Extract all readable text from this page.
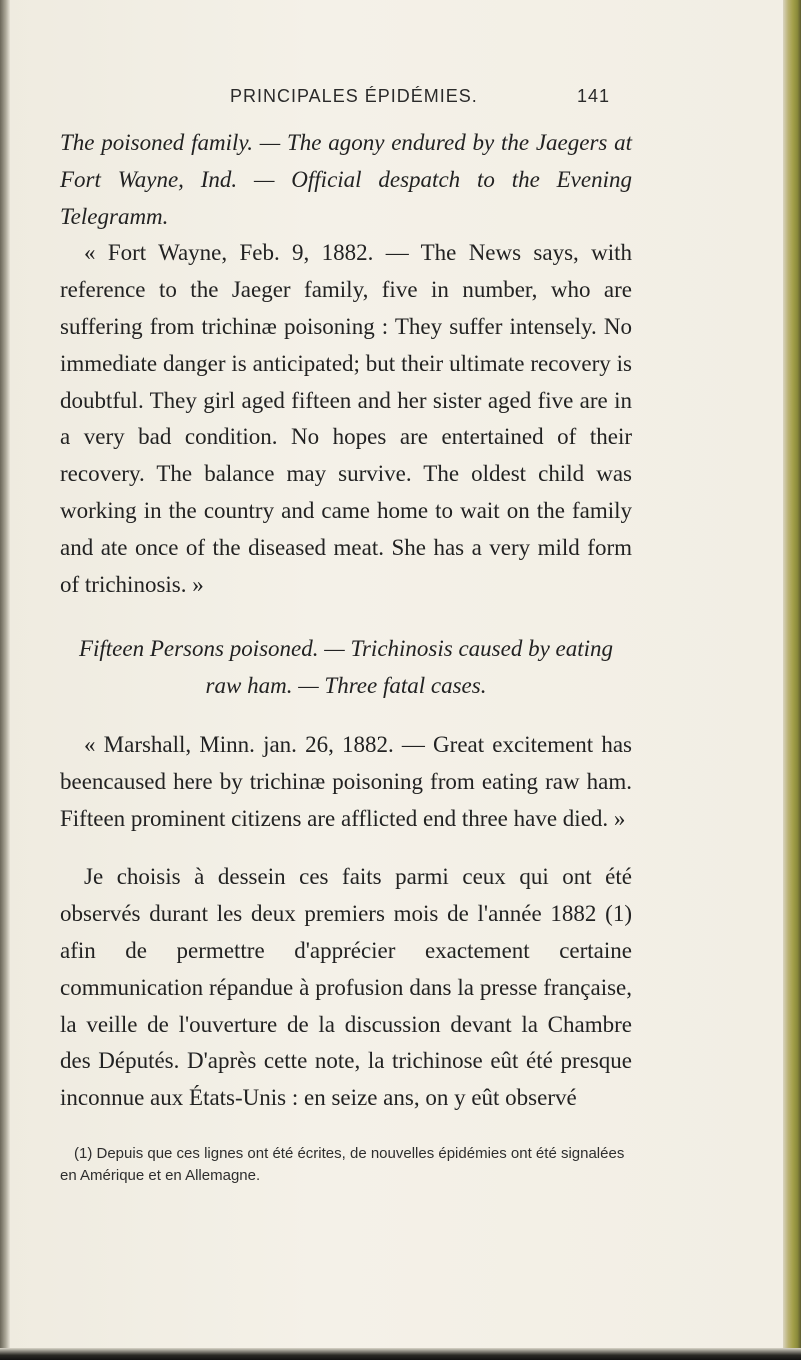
PRINCIPALES ÉPIDÉMIES.	141

The poisoned family. — The agony endured by the Jaegers at Fort Wayne, Ind. — Official despatch to the Evening Telegramm.

« Fort Wayne, Feb. 9, 1882. — The News says, with reference to the Jaeger family, five in number, who are suffering from trichinæ poisoning : They suffer intensely. No immediate danger is anticipated; but their ultimate recovery is doubtful. They girl aged fifteen and her sister aged five are in a very bad condition. No hopes are entertained of their recovery. The balance may survive. The oldest child was working in the country and came home to wait on the family and ate once of the diseased meat. She has a very mild form of trichinosis. »

Fifteen Persons poisoned. — Trichinosis caused by eating raw ham. — Three fatal cases.

« Marshall, Minn. jan. 26, 1882. — Great excitement has beencaused here by trichinæ poisoning from eating raw ham. Fifteen prominent citizens are afflicted end three have died. »

Je choisis à dessein ces faits parmi ceux qui ont été observés durant les deux premiers mois de l'année 1882 (1) afin de permettre d'apprécier exactement certaine communication répandue à profusion dans la presse française, la veille de l'ouverture de la discussion devant la Chambre des Députés. D'après cette note, la trichinose eût été presque inconnue aux États-Unis : en seize ans, on y eût observé

(1) Depuis que ces lignes ont été écrites, de nouvelles épidémies ont été signalées en Amérique et en Allemagne.
